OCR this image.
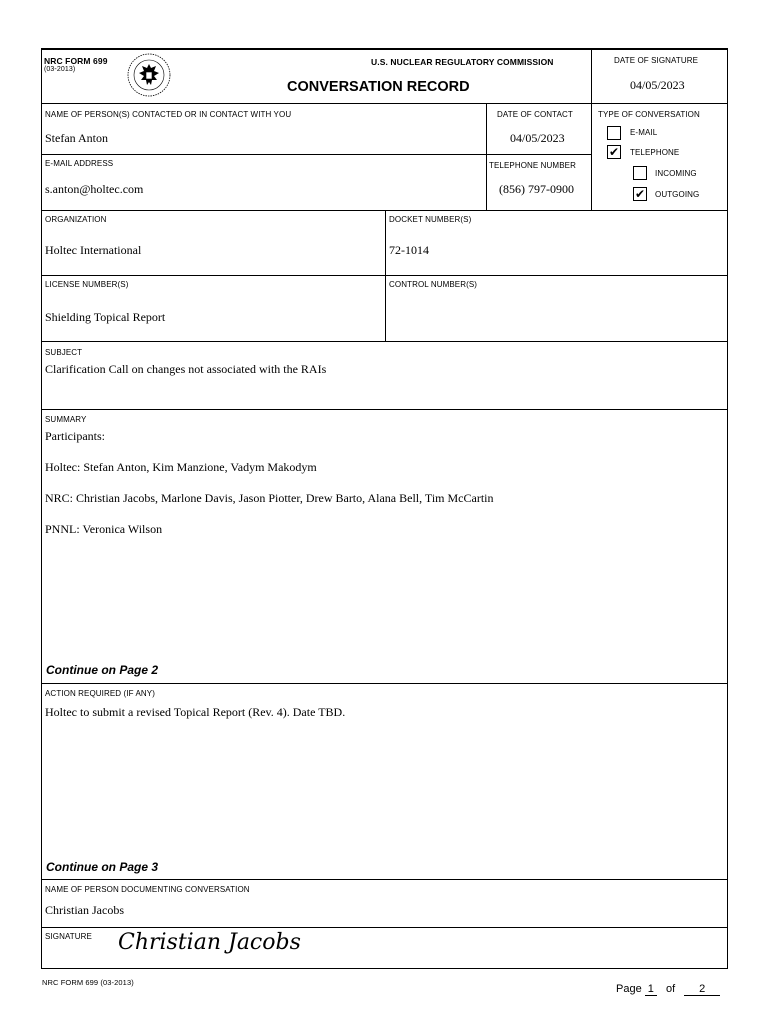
NRC FORM 699
(03-2013)
U.S. NUCLEAR REGULATORY COMMISSION
CONVERSATION RECORD
DATE OF SIGNATURE
04/05/2023
NAME OF PERSON(S) CONTACTED OR IN CONTACT WITH YOU
Stefan Anton
DATE OF CONTACT
04/05/2023
E-MAIL ADDRESS
s.anton@holtec.com
TELEPHONE NUMBER
(856) 797-0900
TYPE OF CONVERSATION
E-MAIL
✔ TELEPHONE
INCOMING
✔ OUTGOING
ORGANIZATION
Holtec International
DOCKET NUMBER(S)
72-1014
LICENSE NUMBER(S)
Shielding Topical Report
CONTROL NUMBER(S)
SUBJECT
Clarification Call on changes not associated with the RAIs
SUMMARY
Participants:
Holtec: Stefan Anton, Kim Manzione, Vadym Makodym
NRC: Christian Jacobs, Marlone Davis, Jason Piotter, Drew Barto, Alana Bell, Tim McCartin
PNNL: Veronica Wilson
Continue on Page 2
ACTION REQUIRED (IF ANY)
Holtec to submit a revised Topical Report (Rev. 4). Date TBD.
Continue on Page 3
NAME OF PERSON DOCUMENTING CONVERSATION
Christian Jacobs
SIGNATURE Christian Jacobs
NRC FORM 699 (03-2013)
Page 1 of 2
